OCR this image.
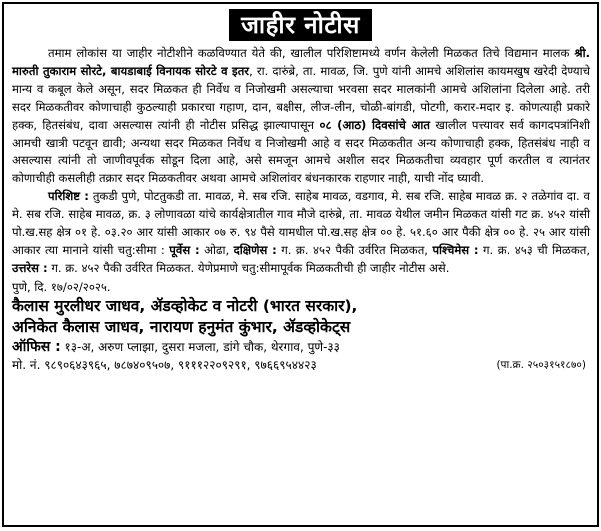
जाहीर नोटीस

तमाम लोकांस या जाहीर नोटीशीने कळविण्यात येते की, खालील परिशिष्टामध्ये वर्णन केलेली मिळकत तिचे विद्यमान मालक श्री. मारुती तुकाराम सोरटे, बायडाबाई विनायक सोरटे व इतर, रा. दारुंब्रे, ता. मावळ, जि. पुणे यांनी आमचे अशिलांस कायमखुष खरेदी देण्याचे मान्य व कबूल केले असून, सदर मिळकत ही निर्वेध व निजोखमी असल्याचा भरवसा सदर मालकांनी आमचे अशिलांना दिलेला आहे. तरी सदर मिळकतीवर कोणाचाही कुठल्याही प्रकारचा गहाण, दान, बक्षीस, लीज-लीन, चोळी-बांगडी, पोटगी, करार-मदार इ. कोणत्याही प्रकारे हक्क, हितसंबंध, दावा असल्यास त्यांनी ही नोटीस प्रसिद्ध झाल्यापासून ०८ (आठ) दिवसांचे आत खालील पत्त्यावर सर्व कागदपत्रांनिशी आमची खात्री पटवून द्यावी; अन्यथा सदर मिळकत निर्वेध व निजोखमी आहे व सदर मिळकतीत अन्य कोणाचाही हक्क, हितसंबंध नाही व असल्यास त्यांनी तो जाणीवपूर्वक सोडून दिला आहे, असे समजून आमचे अशील सदर मिळकतीचा व्यवहार पूर्ण करतील व त्यानंतर कोणाचीही कसलीही तक्रार सदर मिळकतीवर अथवा आमचे अशिलांवर बंधनकारक राहणार नाही, याची नोंद घ्यावी.

परिशिष्ट : तुकडी पुणे, पोटतुकडी ता. मावळ, मे. सब रजि. साहेब मावळ, वडगाव, मे. सब रजि. साहेब मावळ क्र. २ तळेगांव दा. व मे. सब रजि. साहेब मावळ, क्र. ३ लोणावळा यांचे कार्यक्षेत्रातील गाव मौजे दारुंब्रे, ता. मावळ येथील जमीन मिळकत यांसी गट क्र. ४५२ यांसी पो.ख.सह क्षेत्र ०१ हे. ०३.२० आर यांसी आकार ०७ रु. ९४ पैसे यामधील पो.ख.सह क्षेत्र ०० हे. ५१.६० आर पैकी क्षेत्र ०० हे. २५ आर यांसी आकार त्या मानाने यांसी चतु:सीमा : पूर्वेस : ओढा, दक्षिणेस : ग. क्र. ४५२ पैकी उर्वरित मिळकत, पश्चिमेस : ग. क्र. ४५३ ची मिळकत, उत्तरेस : ग. क्र. ४५२ पैकी उर्वरित मिळकत. येणेप्रमाणे चतु:सीमापूर्वक मिळकतीची ही जाहीर नोटीस असे.

पुणे, दि. १७/०२/२०२५.

कैलास मुरलीधर जाधव, ॲडव्होकेट व नोटरी (भारत सरकार),

अनिकेत कैलास जाधव, नारायण हनुमंत कुंभार, ॲडव्होकेट्स

ऑफिस : १३-अ, अरुण प्लाझा, दुसरा मजला, डांगे चौक, थेरगाव, पुणे-३३

मो. नं. ९८९०६४३९६५, ७८७४०९५०७, ९१११२२०९२९१, ९७६६९५४४२३	(पा.क्र. २५०३१५१८७०)
